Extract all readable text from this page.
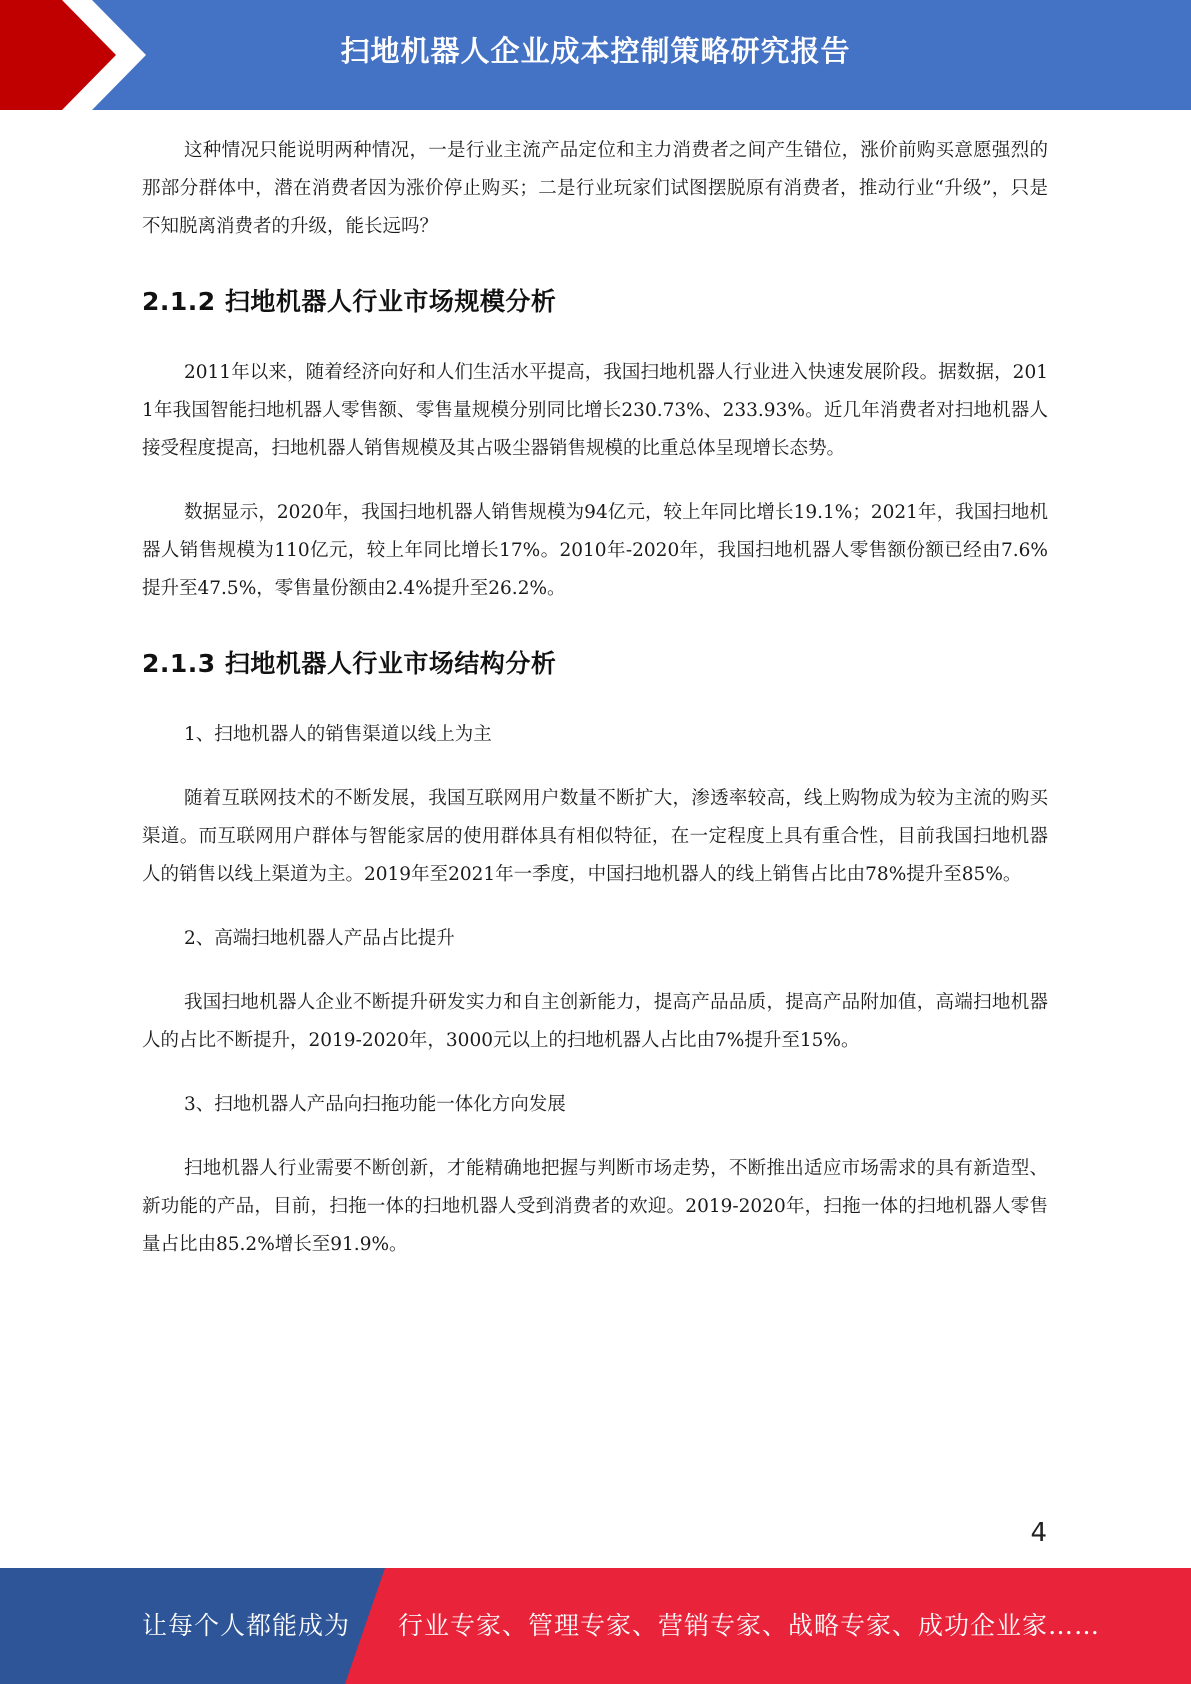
扫地机器人企业成本控制策略研究报告

这种情况只能说明两种情况，一是行业主流产品定位和主力消费者之间产生错位，涨价前购买意愿强烈的那部分群体中，潜在消费者因为涨价停止购买；二是行业玩家们试图摆脱原有消费者，推动行业“升级”，只是不知脱离消费者的升级，能长远吗？

2.1.2 扫地机器人行业市场规模分析

2011年以来，随着经济向好和人们生活水平提高，我国扫地机器人行业进入快速发展阶段。据数据，2011年我国智能扫地机器人零售额、零售量规模分别同比增长230.73%、233.93%。近几年消费者对扫地机器人接受程度提高，扫地机器人销售规模及其占吸尘器销售规模的比重总体呈现增长态势。

数据显示，2020年，我国扫地机器人销售规模为94亿元，较上年同比增长19.1%；2021年，我国扫地机器人销售规模为110亿元，较上年同比增长17%。2010年-2020年，我国扫地机器人零售额份额已经由7.6%提升至47.5%，零售量份额由2.4%提升至26.2%。

2.1.3 扫地机器人行业市场结构分析

1、扫地机器人的销售渠道以线上为主

随着互联网技术的不断发展，我国互联网用户数量不断扩大，渗透率较高，线上购物成为较为主流的购买渠道。而互联网用户群体与智能家居的使用群体具有相似特征，在一定程度上具有重合性，目前我国扫地机器人的销售以线上渠道为主。2019年至2021年一季度，中国扫地机器人的线上销售占比由78%提升至85%。

2、高端扫地机器人产品占比提升

我国扫地机器人企业不断提升研发实力和自主创新能力，提高产品品质，提高产品附加值，高端扫地机器人的占比不断提升，2019-2020年，3000元以上的扫地机器人占比由7%提升至15%。

3、扫地机器人产品向扫拖功能一体化方向发展

扫地机器人行业需要不断创新，才能精确地把握与判断市场走势，不断推出适应市场需求的具有新造型、新功能的产品，目前，扫拖一体的扫地机器人受到消费者的欢迎。2019-2020年，扫拖一体的扫地机器人零售量占比由85.2%增长至91.9%。

4
让每个人都能成为 行业专家、管理专家、营销专家、战略专家、成功企业家……
